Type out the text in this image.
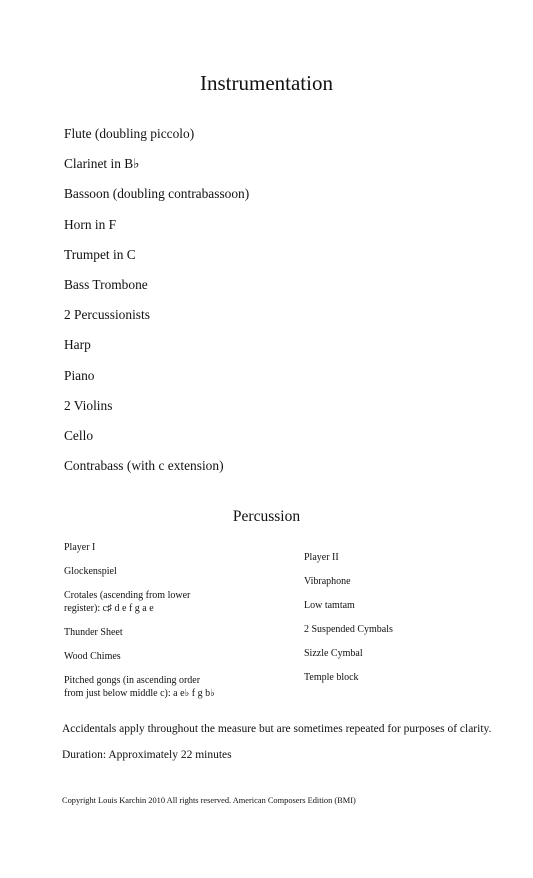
Instrumentation
Flute (doubling piccolo)
Clarinet in B♭
Bassoon (doubling contrabassoon)
Horn in F
Trumpet in C
Bass Trombone
2 Percussionists
Harp
Piano
2 Violins
Cello
Contrabass (with c extension)
Percussion
Player I
Glockenspiel
Crotales (ascending from lower
register): c♯ d e f g a e
Thunder Sheet
Wood Chimes
Pitched gongs (in ascending order
from just below middle c): a e♭ f g b♭
Player II
Vibraphone
Low tamtam
2 Suspended Cymbals
Sizzle Cymbal
Temple block
Accidentals apply throughout the measure but are sometimes repeated for purposes of clarity.
Duration: Approximately 22 minutes
Copyright Louis Karchin 2010 All rights reserved. American Composers Edition (BMI)
